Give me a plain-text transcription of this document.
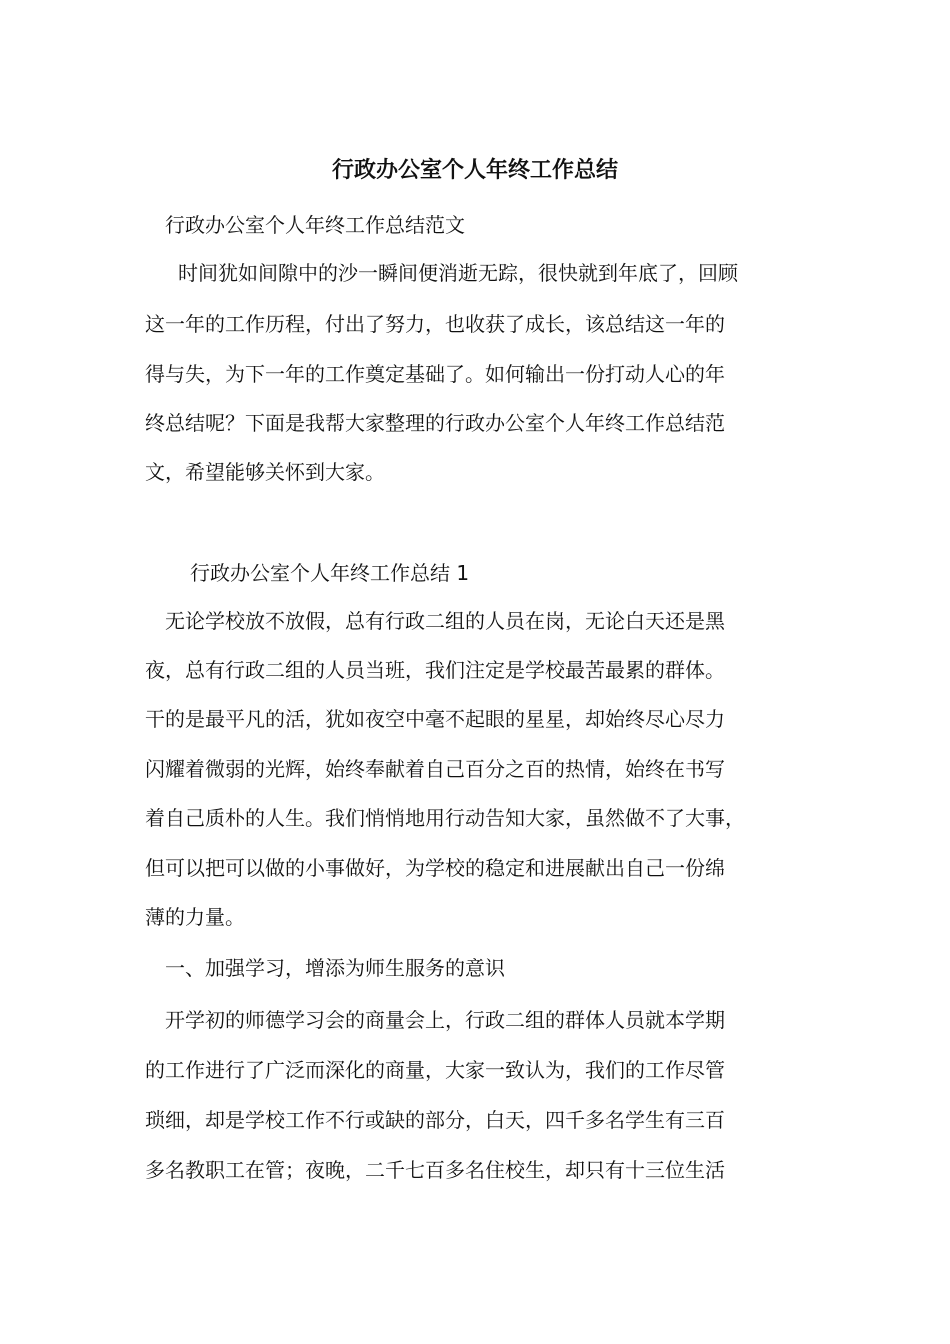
行政办公室个人年终工作总结
行政办公室个人年终工作总结范文
时间犹如间隙中的沙一瞬间便消逝无踪，很快就到年底了，回顾
这一年的工作历程，付出了努力，也收获了成长，该总结这一年的
得与失，为下一年的工作奠定基础了。如何输出一份打动人心的年
终总结呢？下面是我帮大家整理的行政办公室个人年终工作总结范
文，希望能够关怀到大家。
行政办公室个人年终工作总结 1
无论学校放不放假，总有行政二组的人员在岗，无论白天还是黑
夜，总有行政二组的人员当班，我们注定是学校最苦最累的群体。
干的是最平凡的活，犹如夜空中毫不起眼的星星，却始终尽心尽力
闪耀着微弱的光辉，始终奉献着自己百分之百的热情，始终在书写
着自己质朴的人生。我们悄悄地用行动告知大家，虽然做不了大事，
但可以把可以做的小事做好，为学校的稳定和进展献出自己一份绵
薄的力量。
一、加强学习，增添为师生服务的意识
开学初的师德学习会的商量会上，行政二组的群体人员就本学期
的工作进行了广泛而深化的商量，大家一致认为，我们的工作尽管
琐细，却是学校工作不行或缺的部分，白天，四千多名学生有三百
多名教职工在管；夜晚，二千七百多名住校生，却只有十三位生活
